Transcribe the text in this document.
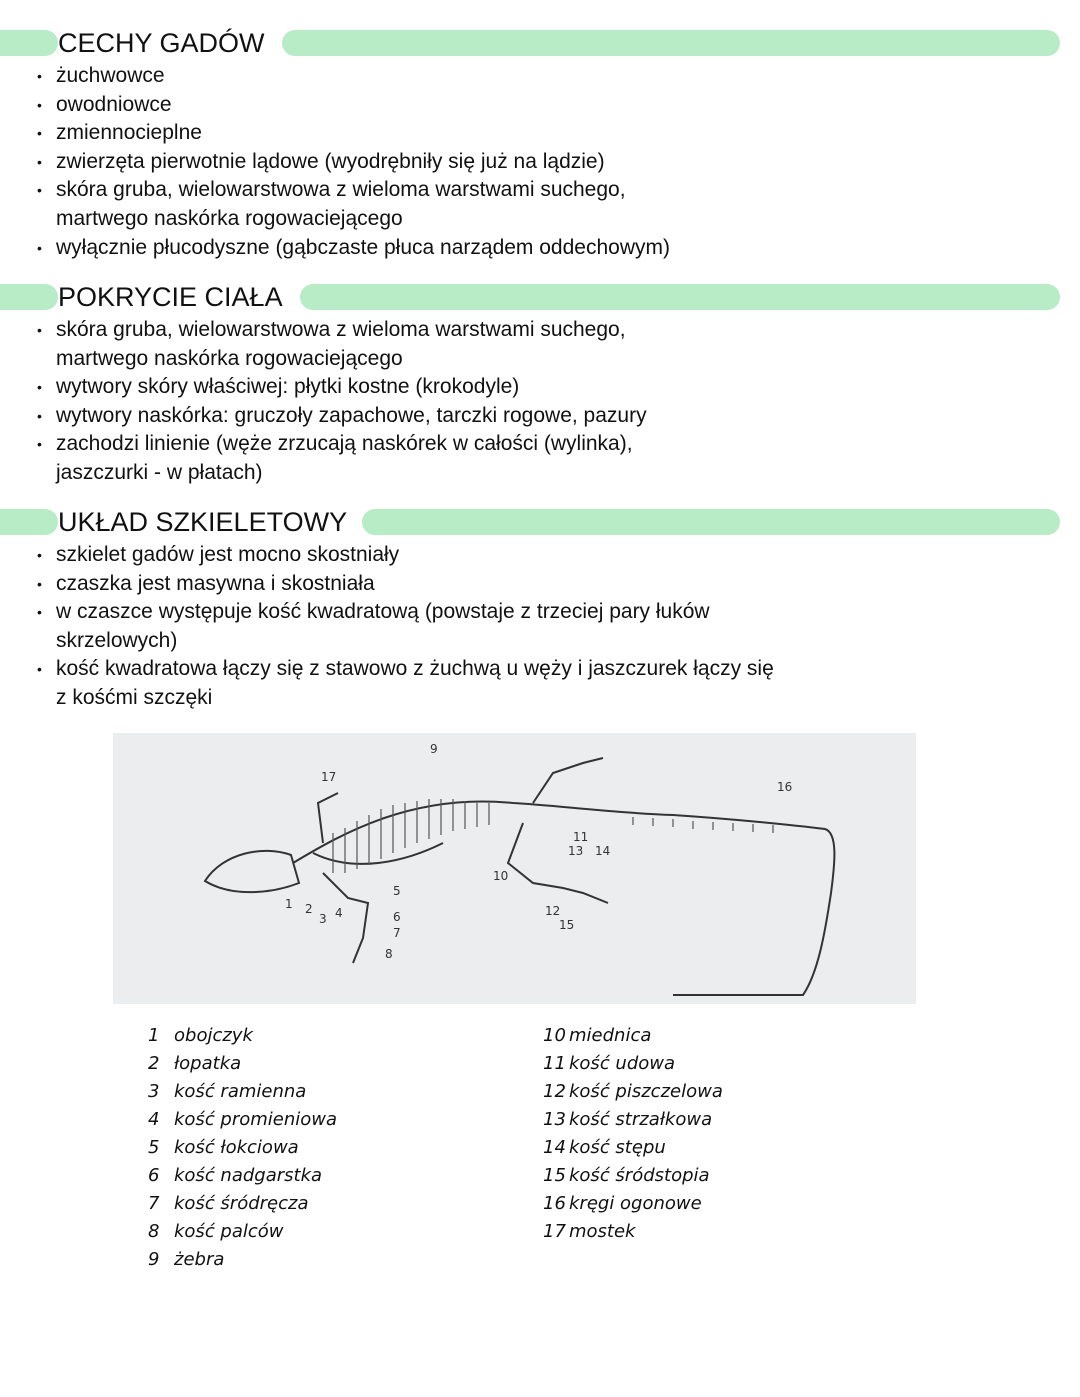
CECHY GADÓW
• żuchwowce
• owodniowce
• zmiennocieplne
• zwierzęta pierwotnie lądowe (wyodrębniły się już na lądzie)
• skóra gruba, wielowarstwowa z wieloma warstwami suchego, martwego naskórka rogowaciejącego
• wyłącznie płucodyszne (gąbczaste płuca narządem oddechowym)
POKRYCIE CIAŁA
• skóra gruba, wielowarstwowa z wieloma warstwami suchego, martwego naskórka rogowaciejącego
• wytwory skóry właściwej: płytki kostne (krokodyle)
• wytwory naskórka: gruczoły zapachowe, tarczki rogowe, pazury
• zachodzi linienie (węże zrzucają naskórek w całości (wylinka), jaszczurki - w płatach)
UKŁAD SZKIELETOWY
• szkielet gadów jest mocno skostniały
• czaszka jest masywna i skostniała
• w czaszce występuje kość kwadratową (powstaje z trzeciej pary łuków skrzelowych)
• kość kwadratowa łączy się z stawowo z żuchwą u węży i jaszczurek łączy się z kośćmi szczęki
1 2
3 4
5
6
7
8
9
10
11
12
13 14
15
16
17
1 obojczyk
2 łopatka
3 kość ramienna
4 kość promieniowa
5 kość łokciowa
6 kość nadgarstka
7 kość śródręcza
8 kość palców
9 żebra
10 miednica
11 kość udowa
12 kość piszczelowa
13 kość strzałkowa
14 kość stępu
15 kość śródstopia
16 kręgi ogonowe
17 mostek
